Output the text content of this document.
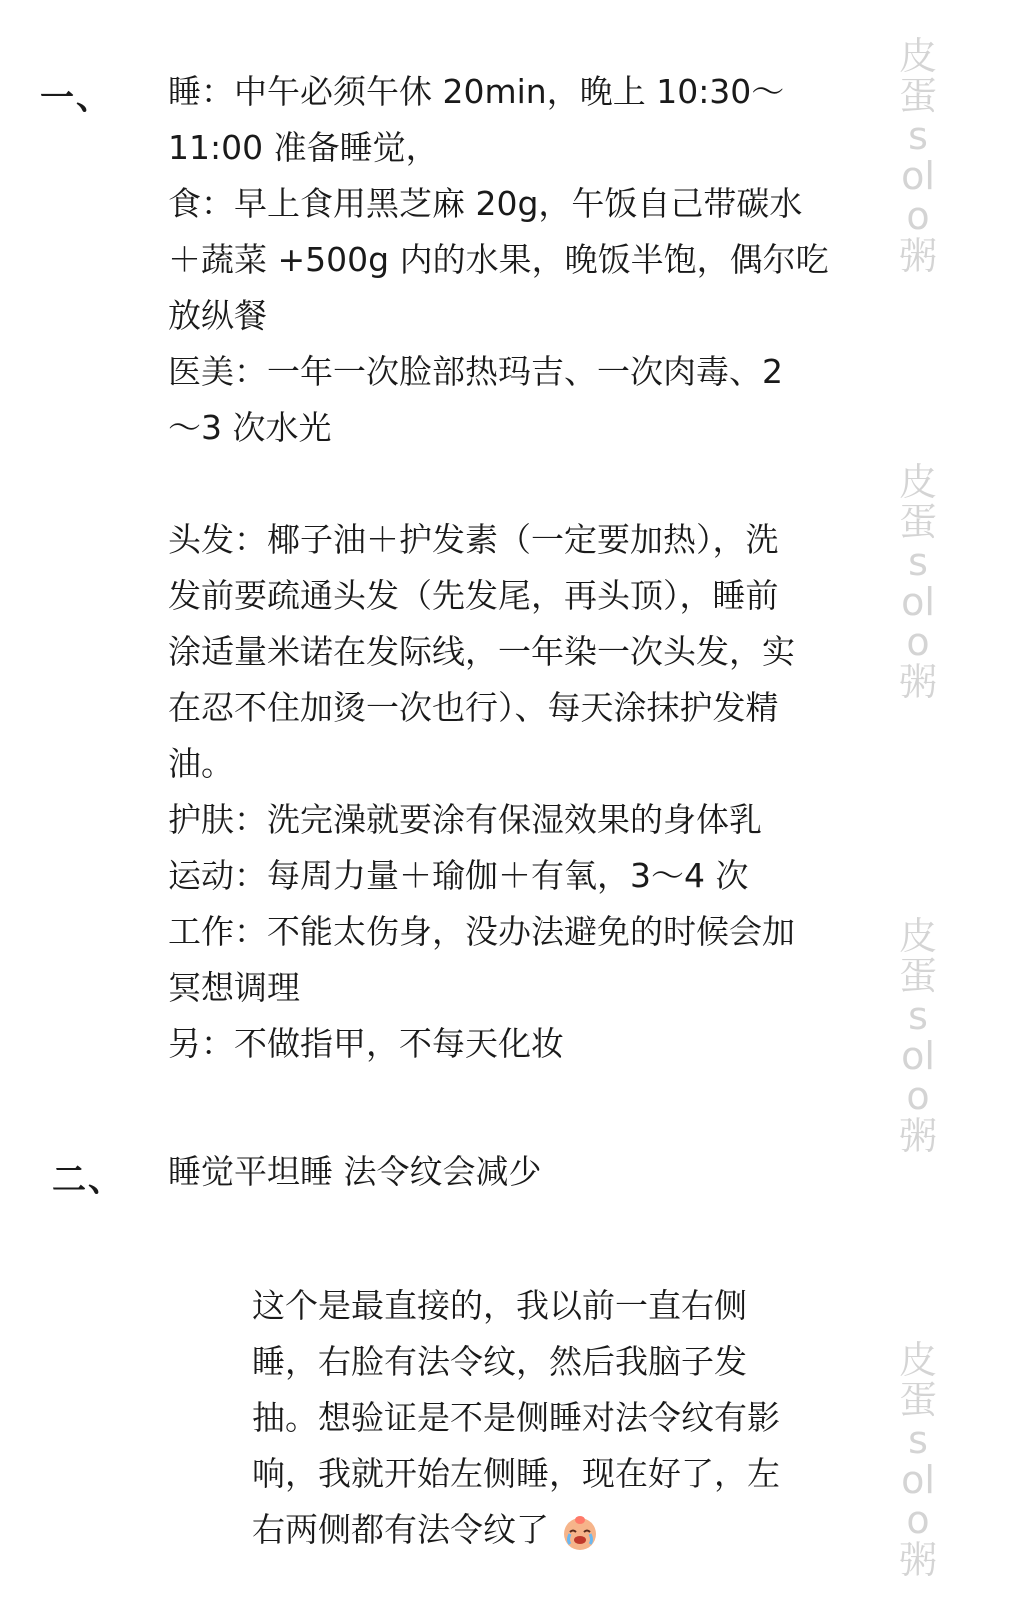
一、 睡：中午必须午休 20min，晚上 10:30～
11:00 准备睡觉，
食：早上食用黑芝麻 20g，午饭自己带碳水
＋蔬菜 +500g 内的水果，晚饭半饱，偶尔吃
放纵餐
医美：一年一次脸部热玛吉、一次肉毒、2
～3 次水光
头发：椰子油＋护发素（一定要加热），洗
发前要疏通头发（先发尾，再头顶），睡前
涂适量米诺在发际线，一年染一次头发，实
在忍不住加烫一次也行）、每天涂抹护发精
油。
护肤：洗完澡就要涂有保湿效果的身体乳
运动：每周力量＋瑜伽＋有氧，3～4 次
工作：不能太伤身，没办法避免的时候会加
冥想调理
另：不做指甲，不每天化妆
二、 睡觉平坦睡 法令纹会减少
这个是最直接的，我以前一直右侧
睡，右脸有法令纹，然后我脑子发
抽。想验证是不是侧睡对法令纹有影
响，我就开始左侧睡，现在好了，左
右两侧都有法令纹了
皮蛋solo粥
皮蛋solo粥
皮蛋solo粥
皮蛋solo粥
